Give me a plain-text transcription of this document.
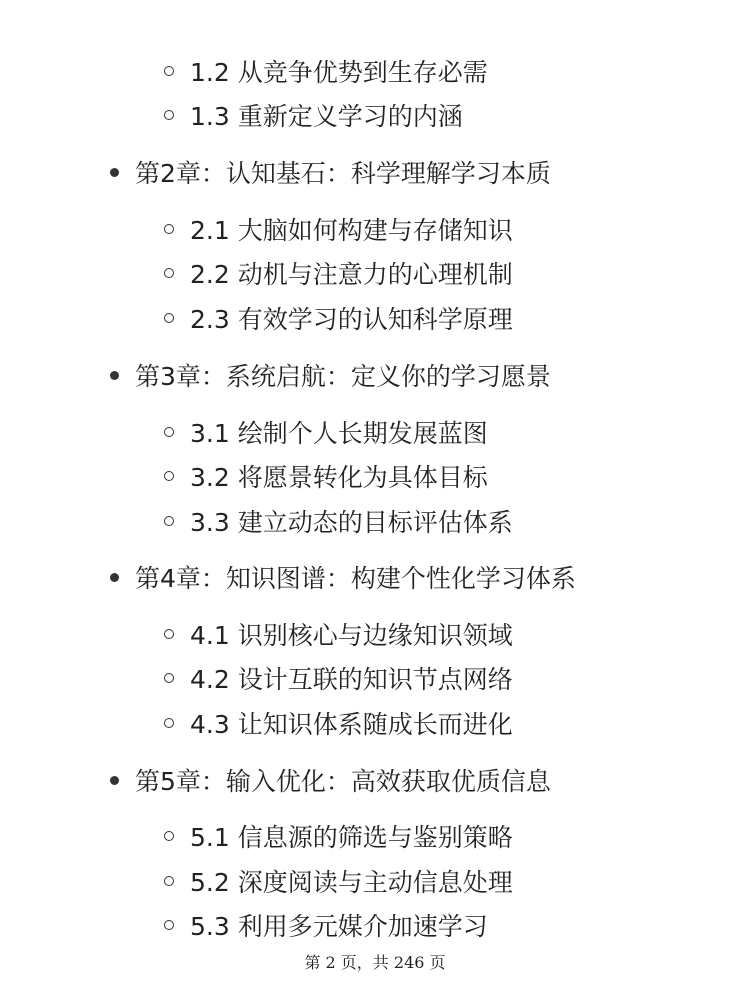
1.2 从竞争优势到生存必需
1.3 重新定义学习的内涵
第2章：认知基石：科学理解学习本质
2.1 大脑如何构建与存储知识
2.2 动机与注意力的心理机制
2.3 有效学习的认知科学原理
第3章：系统启航：定义你的学习愿景
3.1 绘制个人长期发展蓝图
3.2 将愿景转化为具体目标
3.3 建立动态的目标评估体系
第4章：知识图谱：构建个性化学习体系
4.1 识别核心与边缘知识领域
4.2 设计互联的知识节点网络
4.3 让知识体系随成长而进化
第5章：输入优化：高效获取优质信息
5.1 信息源的筛选与鉴别策略
5.2 深度阅读与主动信息处理
5.3 利用多元媒介加速学习
第 2 页，共 246 页
